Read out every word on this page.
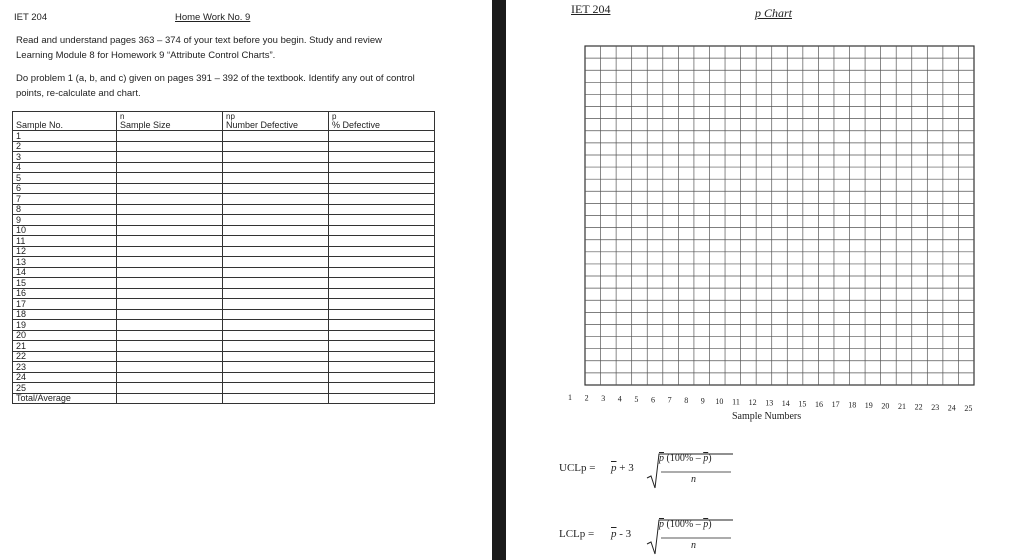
IET 204	Home Work No. 9
Read and understand pages 363 – 374 of your text before you begin. Study and review
Learning Module 8 for Homework 9 “Attribute Control Charts”.
Do problem 1 (a, b, and c) given on pages 391 – 392 of the textbook. Identify any out of control
points, re-calculate and chart.
	n	np	p
Sample No.	Sample Size	Number Defective	% Defective
1			
2			
3			
4			
5			
6			
7			
8			
9			
10			
11			
12			
13			
14			
15			
16			
17			
18			
19			
20			
21			
22			
23			
24			
25			
Total/Average			
IET 204	p Chart
1 2 3 4 5 6 7 8 9 10 11 12 13 14 15 16 17 18 19 20 21 22 23 24 25
Sample Numbers
UCLp = $\overline{p} + 3$
$\overline{p}$ $(100\% - \overline{p})$
n
LCLp = $\overline{p} - 3$
$\overline{p}$ $(100\% - \overline{p})$
n
